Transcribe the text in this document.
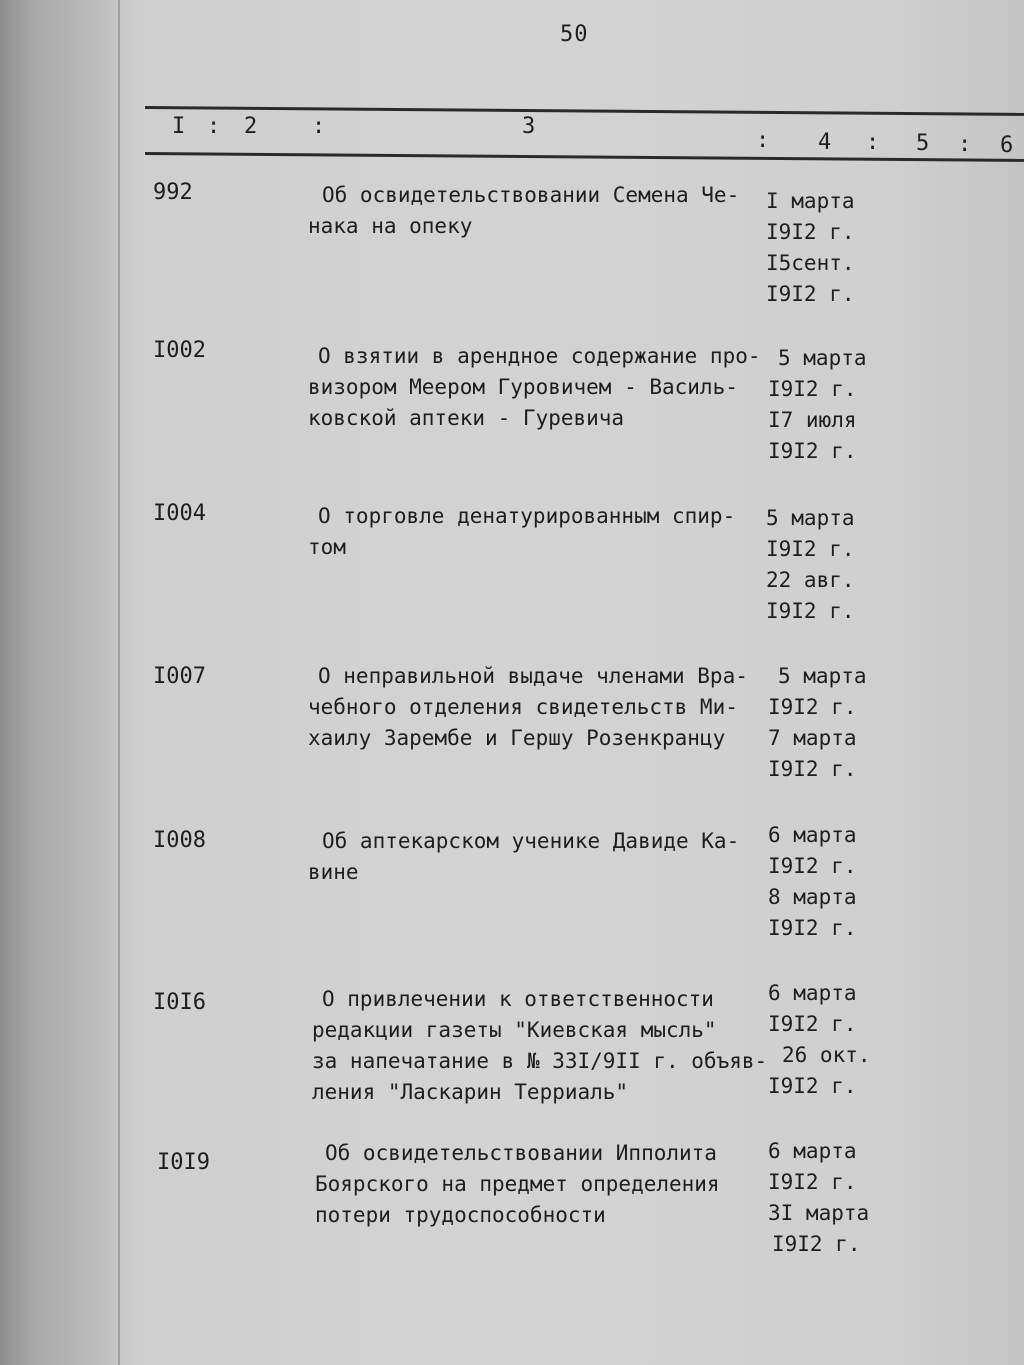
50
I : 2 :	3
: 4 : 5 : 6
992	Об освидетельствовании Семена Че-
нака на опеку
I марта
I9I2 г.
I5сент.
I9I2 г.
I002	О взятии в арендное содержание про-
визором Меером Гуровичем - Василь-
ковской аптеки - Гуревича
5 марта
I9I2 г.
I7 июля
I9I2 г.
I004	О торговле денатурированным спир-
том
5 марта
I9I2 г.
22 авг.
I9I2 г.
I007	О неправильной выдаче членами Вра-
чебного отделения свидетельств Ми-
хаилу Зарембе и Гершу Розенкранцу
5 марта
I9I2 г.
7 марта
I9I2 г.
I008	Об аптекарском ученике Давиде Ка-
вине
6 марта
I9I2 г.
8 марта
I9I2 г.
I0I6	О привлечении к ответственности
редакции газеты "Киевская мысль"
за напечатание в № 33I/9II г. объяв-
ления "Ласкарин Терриаль"
6 марта
I9I2 г.
26 окт.
I9I2 г.
I0I9	Об освидетельствовании Ипполита
Боярского на предмет определения
потери трудоспособности
6 марта
I9I2 г.
3I марта
I9I2 г.
